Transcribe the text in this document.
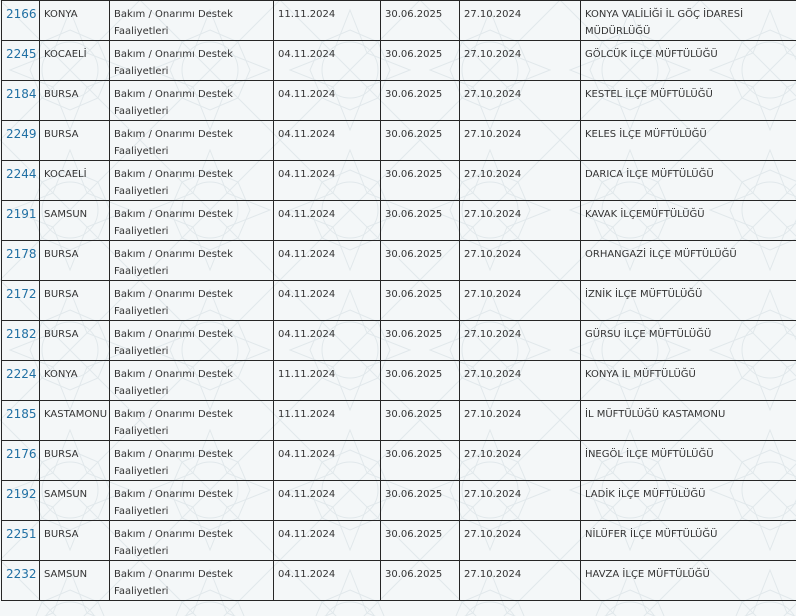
2166	KONYA	Bakım / Onarımı Destek Faaliyetleri	11.11.2024	30.06.2025	27.10.2024	KONYA VALİLİĞİ İL GÖÇ İDARESİ MÜDÜRLÜĞÜ
2245	KOCAELİ	Bakım / Onarımı Destek Faaliyetleri	04.11.2024	30.06.2025	27.10.2024	GÖLCÜK İLÇE MÜFTÜLÜĞÜ
2184	BURSA	Bakım / Onarımı Destek Faaliyetleri	04.11.2024	30.06.2025	27.10.2024	KESTEL İLÇE MÜFTÜLÜĞÜ
2249	BURSA	Bakım / Onarımı Destek Faaliyetleri	04.11.2024	30.06.2025	27.10.2024	KELES İLÇE MÜFTÜLÜĞÜ
2244	KOCAELİ	Bakım / Onarımı Destek Faaliyetleri	04.11.2024	30.06.2025	27.10.2024	DARICA İLÇE MÜFTÜLÜĞÜ
2191	SAMSUN	Bakım / Onarımı Destek Faaliyetleri	04.11.2024	30.06.2025	27.10.2024	KAVAK İLÇEMÜFTÜLÜĞÜ
2178	BURSA	Bakım / Onarımı Destek Faaliyetleri	04.11.2024	30.06.2025	27.10.2024	ORHANGAZİ İLÇE MÜFTÜLÜĞÜ
2172	BURSA	Bakım / Onarımı Destek Faaliyetleri	04.11.2024	30.06.2025	27.10.2024	İZNİK İLÇE MÜFTÜLÜĞÜ
2182	BURSA	Bakım / Onarımı Destek Faaliyetleri	04.11.2024	30.06.2025	27.10.2024	GÜRSU İLÇE MÜFTÜLÜĞÜ
2224	KONYA	Bakım / Onarımı Destek Faaliyetleri	11.11.2024	30.06.2025	27.10.2024	KONYA İL MÜFTÜLÜĞÜ
2185	KASTAMONU	Bakım / Onarımı Destek Faaliyetleri	11.11.2024	30.06.2025	27.10.2024	İL MÜFTÜLÜĞÜ KASTAMONU
2176	BURSA	Bakım / Onarımı Destek Faaliyetleri	04.11.2024	30.06.2025	27.10.2024	İNEGÖL İLÇE MÜFTÜLÜĞÜ
2192	SAMSUN	Bakım / Onarımı Destek Faaliyetleri	04.11.2024	30.06.2025	27.10.2024	LADİK İLÇE MÜFTÜLÜĞÜ
2251	BURSA	Bakım / Onarımı Destek Faaliyetleri	04.11.2024	30.06.2025	27.10.2024	NİLÜFER İLÇE MÜFTÜLÜĞÜ
2232	SAMSUN	Bakım / Onarımı Destek Faaliyetleri	04.11.2024	30.06.2025	27.10.2024	HAVZA İLÇE MÜFTÜLÜĞÜ
